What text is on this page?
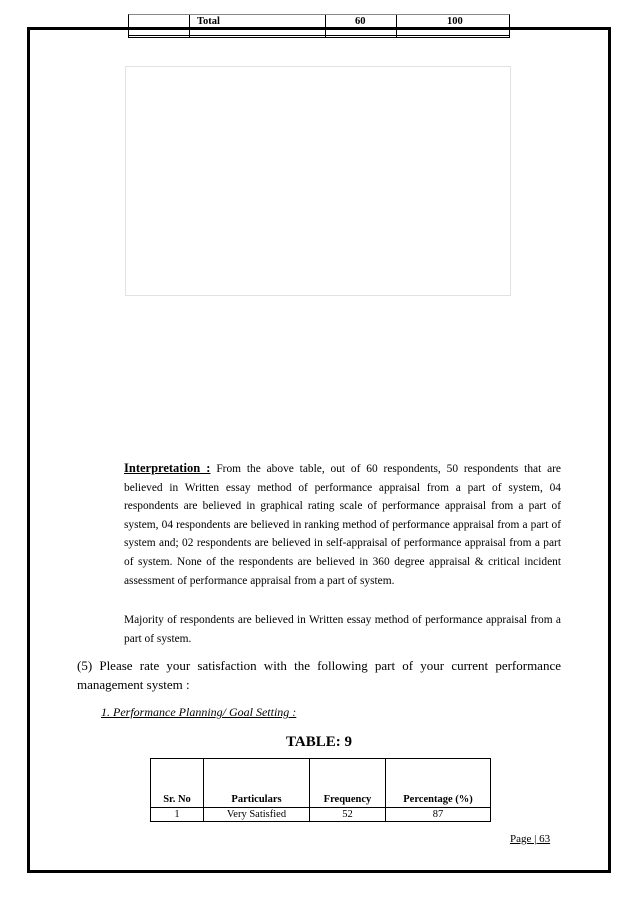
Total	60	100
Interpretation : From the above table, out of 60 respondents, 50 respondents that are believed in Written essay method of performance appraisal from a part of system, 04 respondents are believed in graphical rating scale of performance appraisal from a part of system, 04 respondents are believed in ranking method of performance appraisal from a part of system and; 02 respondents are believed in self-appraisal of performance appraisal from a part of system. None of the respondents are believed in 360 degree appraisal & critical incident assessment of performance appraisal from a part of system.
Majority of respondents are believed in Written essay method of performance appraisal from a part of system.
(5) Please rate your satisfaction with the following part of your current performance management system :
1. Performance Planning/ Goal Setting :
TABLE: 9
Sr. No	Particulars	Frequency	Percentage (%)
1	Very Satisfied	52	87
Page | 63
